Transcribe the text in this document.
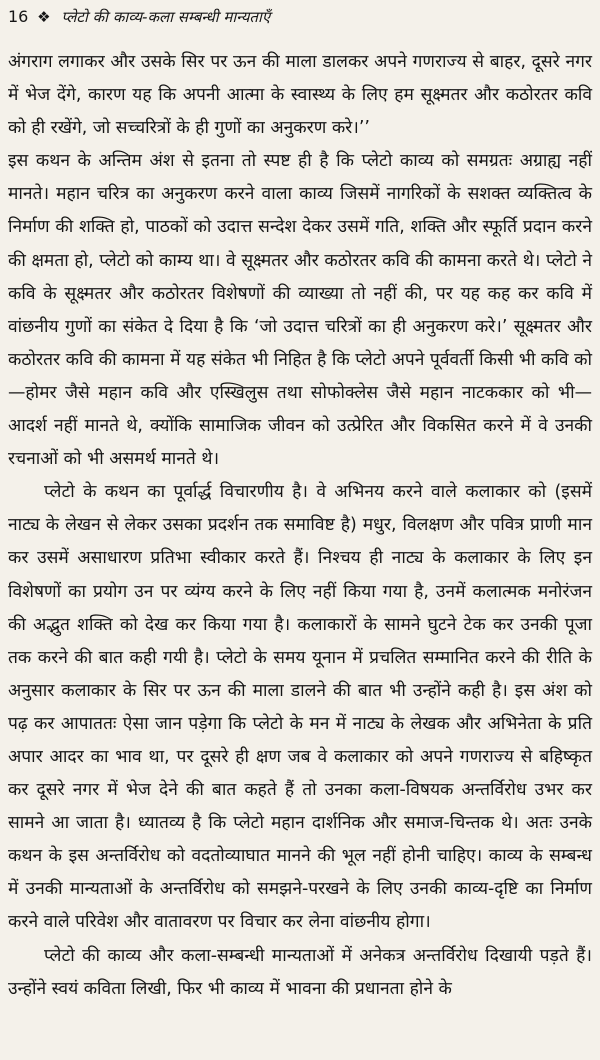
16 ❖ प्लेटो की काव्य-कला सम्बन्धी मान्यताएँ

अंगराग लगाकर और उसके सिर पर ऊन की माला डालकर अपने गणराज्य से बाहर, दूसरे नगर में भेज देंगे, कारण यह कि अपनी आत्मा के स्वास्थ्य के लिए हम सूक्ष्मतर और कठोरतर कवि को ही रखेंगे, जो सच्चरित्रों के ही गुणों का अनुकरण करे।’’

इस कथन के अन्तिम अंश से इतना तो स्पष्ट ही है कि प्लेटो काव्य को समग्रतः अग्राह्य नहीं मानते। महान चरित्र का अनुकरण करने वाला काव्य जिसमें नागरिकों के सशक्त व्यक्तित्व के निर्माण की शक्ति हो, पाठकों को उदात्त सन्देश देकर उसमें गति, शक्ति और स्फूर्ति प्रदान करने की क्षमता हो, प्लेटो को काम्य था। वे सूक्ष्मतर और कठोरतर कवि की कामना करते थे। प्लेटो ने कवि के सूक्ष्मतर और कठोरतर विशेषणों की व्याख्या तो नहीं की, पर यह कह कर कवि में वांछनीय गुणों का संकेत दे दिया है कि ‘जो उदात्त चरित्रों का ही अनुकरण करे।’ सूक्ष्मतर और कठोरतर कवि की कामना में यह संकेत भी निहित है कि प्लेटो अपने पूर्ववर्ती किसी भी कवि को—होमर जैसे महान कवि और एस्खिलुस तथा सोफोक्लेस जैसे महान नाटककार को भी—आदर्श नहीं मानते थे, क्योंकि सामाजिक जीवन को उत्प्रेरित और विकसित करने में वे उनकी रचनाओं को भी असमर्थ मानते थे।

प्लेटो के कथन का पूर्वार्द्ध विचारणीय है। वे अभिनय करने वाले कलाकार को (इसमें नाट्य के लेखन से लेकर उसका प्रदर्शन तक समाविष्ट है) मधुर, विलक्षण और पवित्र प्राणी मान कर उसमें असाधारण प्रतिभा स्वीकार करते हैं। निश्चय ही नाट्य के कलाकार के लिए इन विशेषणों का प्रयोग उन पर व्यंग्य करने के लिए नहीं किया गया है, उनमें कलात्मक मनोरंजन की अद्भुत शक्ति को देख कर किया गया है। कलाकारों के सामने घुटने टेक कर उनकी पूजा तक करने की बात कही गयी है। प्लेटो के समय यूनान में प्रचलित सम्मानित करने की रीति के अनुसार कलाकार के सिर पर ऊन की माला डालने की बात भी उन्होंने कही है। इस अंश को पढ़ कर आपाततः ऐसा जान पड़ेगा कि प्लेटो के मन में नाट्य के लेखक और अभिनेता के प्रति अपार आदर का भाव था, पर दूसरे ही क्षण जब वे कलाकार को अपने गणराज्य से बहिष्कृत कर दूसरे नगर में भेज देने की बात कहते हैं तो उनका कला-विषयक अन्तर्विरोध उभर कर सामने आ जाता है। ध्यातव्य है कि प्लेटो महान दार्शनिक और समाज-चिन्तक थे। अतः उनके कथन के इस अन्तर्विरोध को वदतोव्याघात मानने की भूल नहीं होनी चाहिए। काव्य के सम्बन्ध में उनकी मान्यताओं के अन्तर्विरोध को समझने-परखने के लिए उनकी काव्य-दृष्टि का निर्माण करने वाले परिवेश और वातावरण पर विचार कर लेना वांछनीय होगा।

प्लेटो की काव्य और कला-सम्बन्धी मान्यताओं में अनेकत्र अन्तर्विरोध दिखायी पड़ते हैं। उन्होंने स्वयं कविता लिखी, फिर भी काव्य में भावना की प्रधानता होने के
